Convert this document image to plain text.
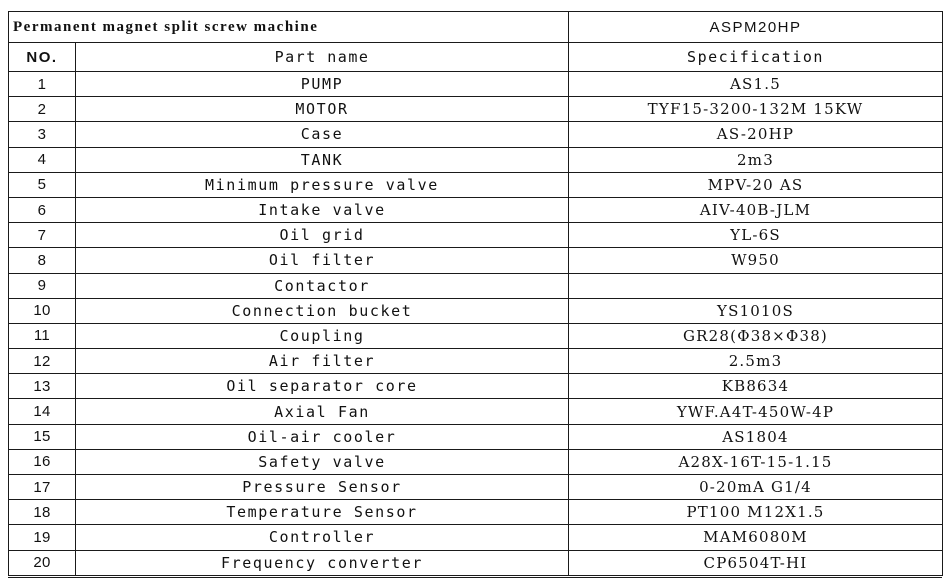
Permanent magnet split screw machine		ASPM20HP
NO.	Part name	Specification
1	PUMP	AS1.5
2	MOTOR	TYF15-3200-132M 15KW
3	Case	AS-20HP
4	TANK	2m3
5	Minimum pressure valve	MPV-20 AS
6	Intake valve	AIV-40B-JLM
7	Oil grid	YL-6S
8	Oil filter	W950
9	Contactor	
10	Connection bucket	YS1010S
11	Coupling	GR28(Φ38×Φ38)
12	Air filter	2.5m3
13	Oil separator core	KB8634
14	Axial Fan	YWF.A4T-450W-4P
15	Oil-air cooler	AS1804
16	Safety valve	A28X-16T-15-1.15
17	Pressure Sensor	0-20mA G1/4
18	Temperature Sensor	PT100 M12X1.5
19	Controller	MAM6080M
20	Frequency converter	CP6504T-HI
